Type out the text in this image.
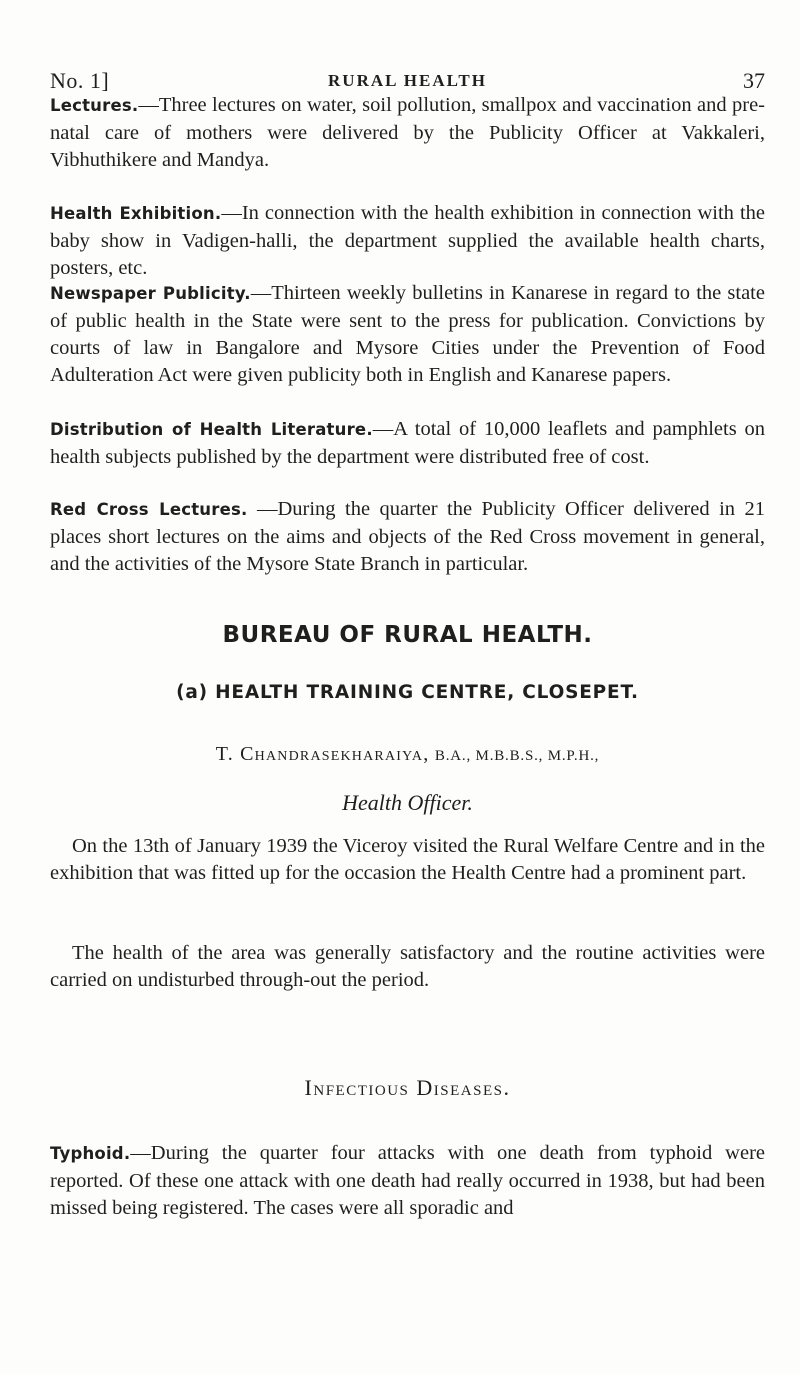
No. 1]	RURAL HEALTH	37

Lectures.—Three lectures on water, soil pollution, smallpox and vaccination and pre-natal care of mothers were delivered by the Publicity Officer at Vakkaleri, Vibhuthikere and Mandya.

Health Exhibition.—In connection with the health exhibition in connection with the baby show in Vadigen-halli, the department supplied the available health charts, posters, etc.

Newspaper Publicity.—Thirteen weekly bulletins in Kanarese in regard to the state of public health in the State were sent to the press for publication. Convictions by courts of law in Bangalore and Mysore Cities under the Prevention of Food Adulteration Act were given publicity both in English and Kanarese papers.

Distribution of Health Literature.—A total of 10,000 leaflets and pamphlets on health subjects published by the department were distributed free of cost.

Red Cross Lectures. —During the quarter the Publicity Officer delivered in 21 places short lectures on the aims and objects of the Red Cross movement in general, and the activities of the Mysore State Branch in particular.

BUREAU OF RURAL HEALTH.
(a) HEALTH TRAINING CENTRE, CLOSEPET.
T. Chandrasekharaiya, B.A., M.B.B.S., M.P.H.,
Health Officer.

On the 13th of January 1939 the Viceroy visited the Rural Welfare Centre and in the exhibition that was fitted up for the occasion the Health Centre had a prominent part.

The health of the area was generally satisfactory and the routine activities were carried on undisturbed through-out the period.

Infectious Diseases.

Typhoid.—During the quarter four attacks with one death from typhoid were reported. Of these one attack with one death had really occurred in 1938, but had been missed being registered. The cases were all sporadic and
